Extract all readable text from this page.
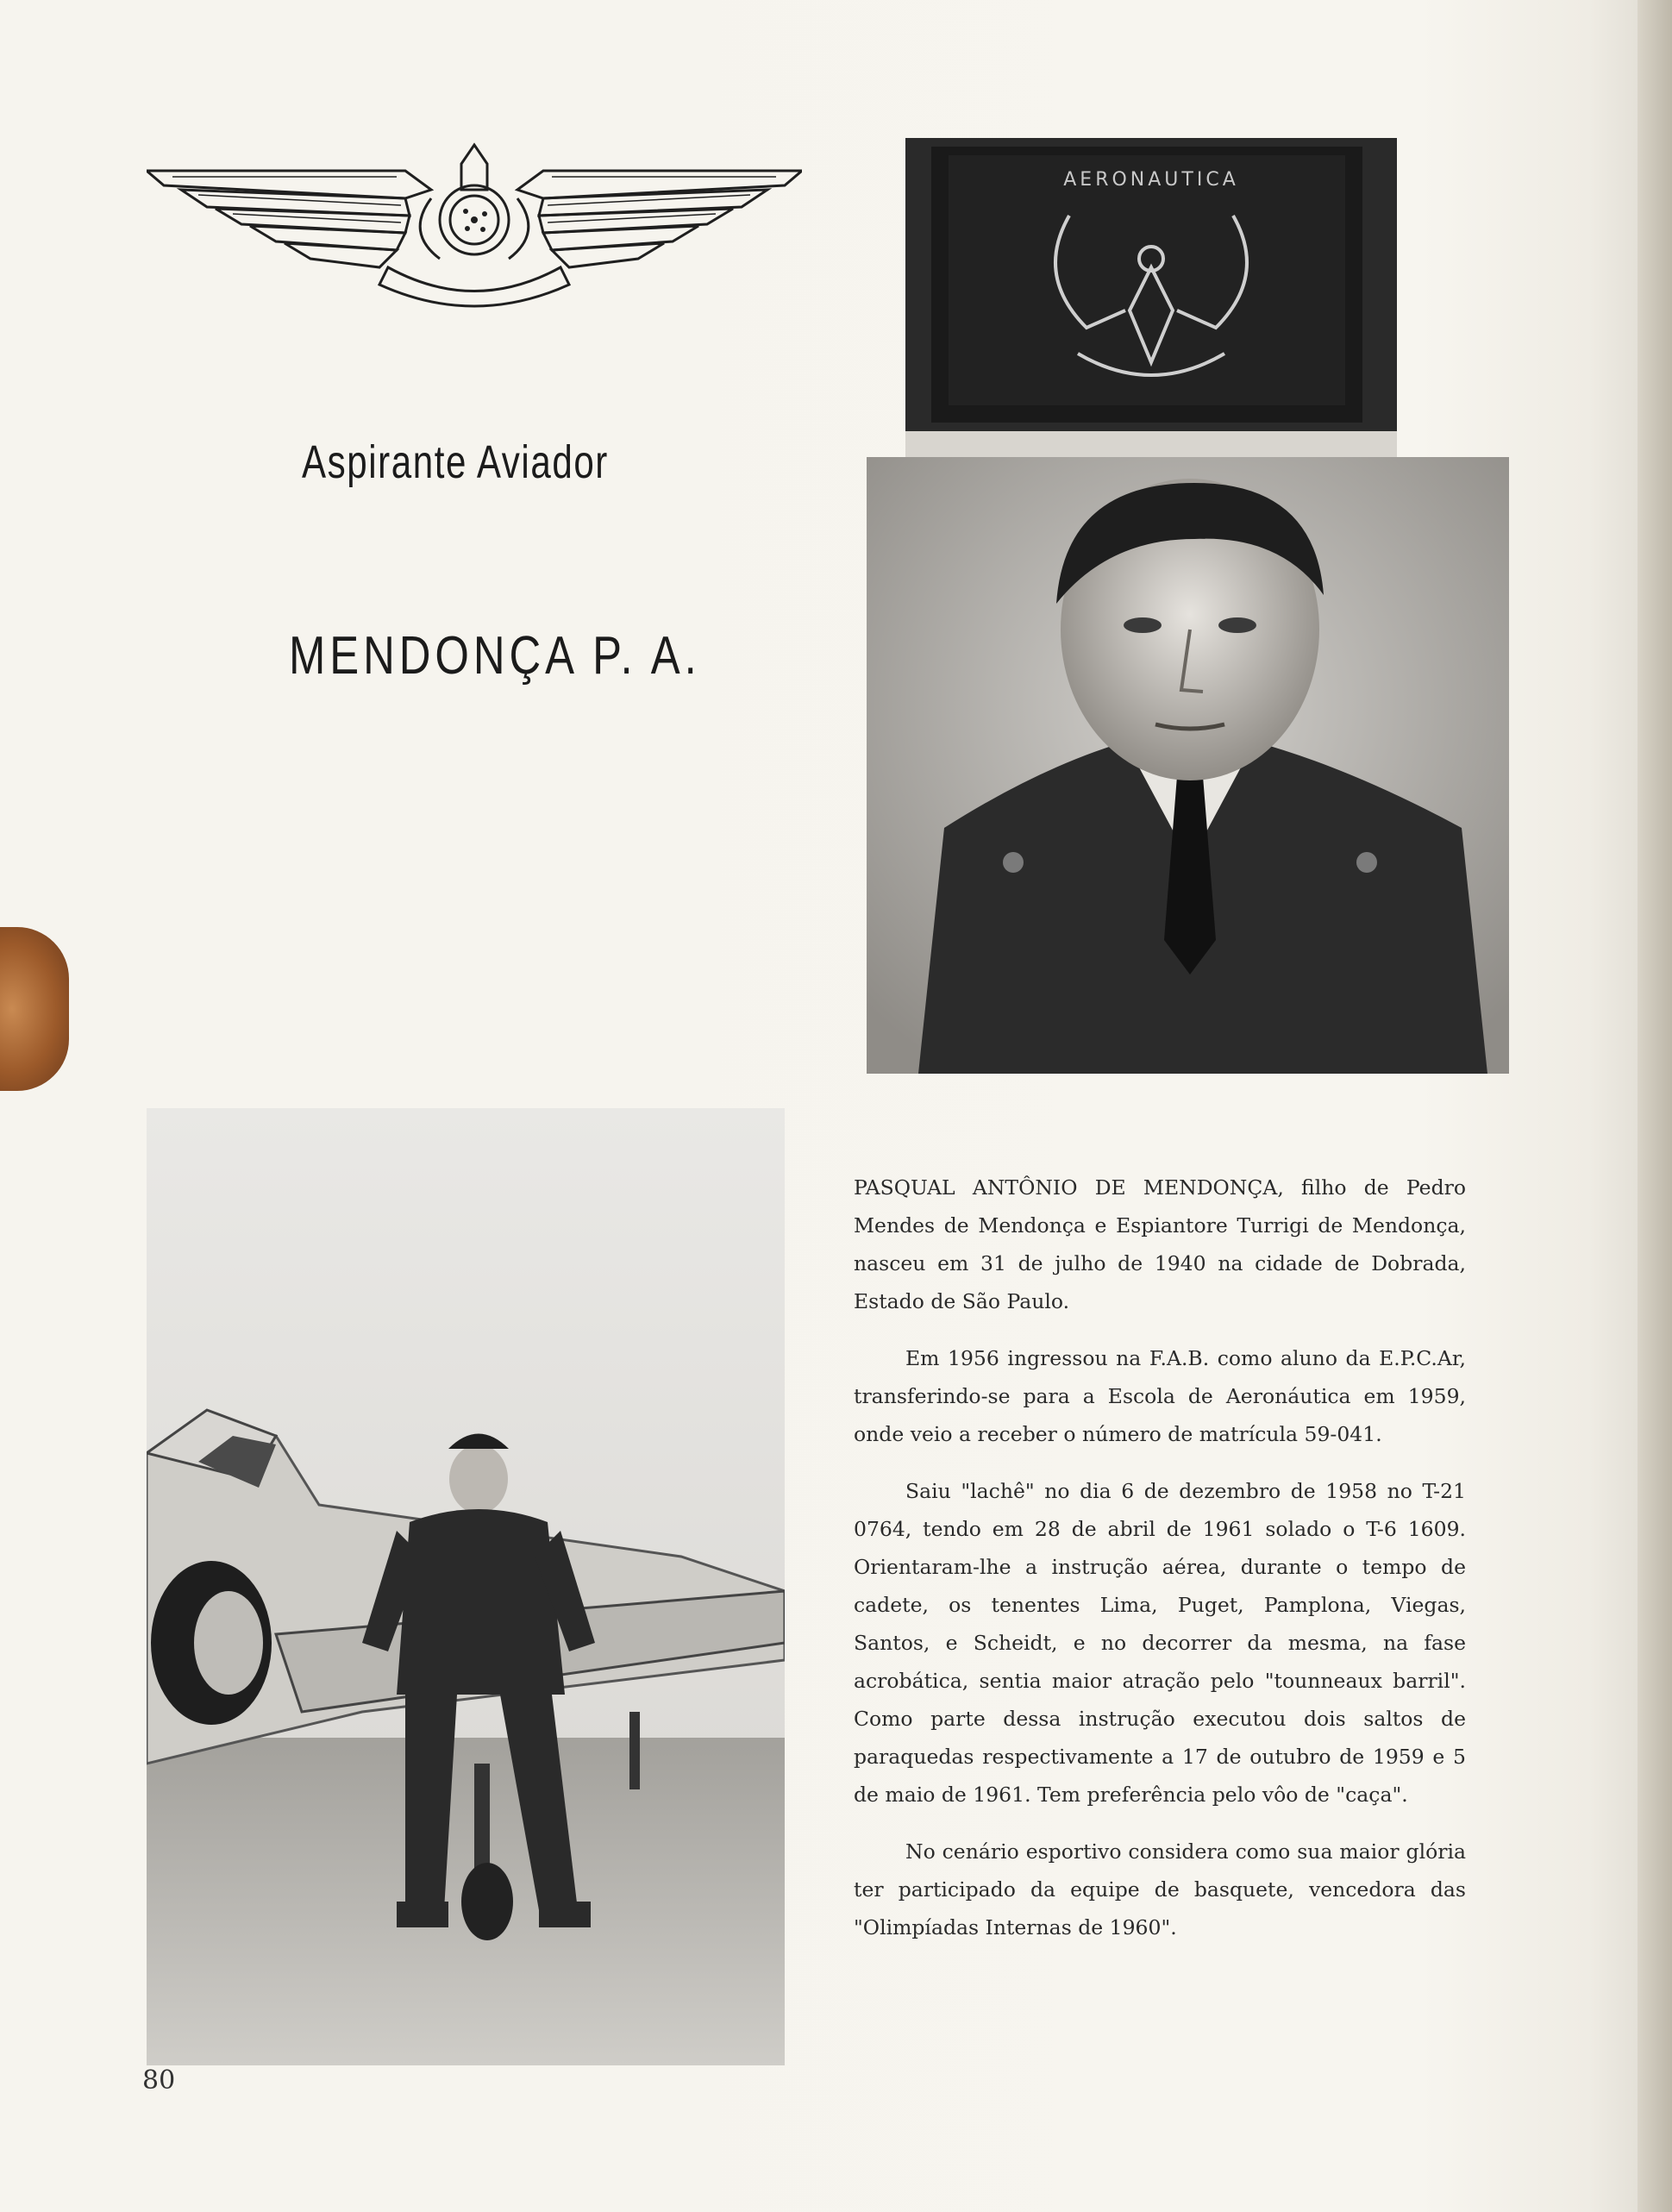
Aspirante Aviador
MENDONÇA P. A.
AERONAUTICA

PASQUAL ANTÔNIO DE MENDONÇA, filho de Pedro Mendes de Mendonça e Espiantore Turrigi de Mendonça, nasceu em 31 de julho de 1940 na cidade de Dobrada, Estado de São Paulo.

Em 1956 ingressou na F.A.B. como aluno da E.P.C.Ar, transferindo-se para a Escola de Aeronáutica em 1959, onde veio a receber o número de matrícula 59-041.

Saiu "lachê" no dia 6 de dezembro de 1958 no T-21 0764, tendo em 28 de abril de 1961 solado o T-6 1609. Orientaram-lhe a instrução aérea, durante o tempo de cadete, os tenentes Lima, Puget, Pamplona, Viegas, Santos, e Scheidt, e no decorrer da mesma, na fase acrobática, sentia maior atração pelo "tounneaux barril". Como parte dessa instrução executou dois saltos de paraquedas respectivamente a 17 de outubro de 1959 e 5 de maio de 1961. Tem preferência pelo vôo de "caça".

No cenário esportivo considera como sua maior glória ter participado da equipe de basquete, vencedora das "Olimpíadas Internas de 1960".

80
